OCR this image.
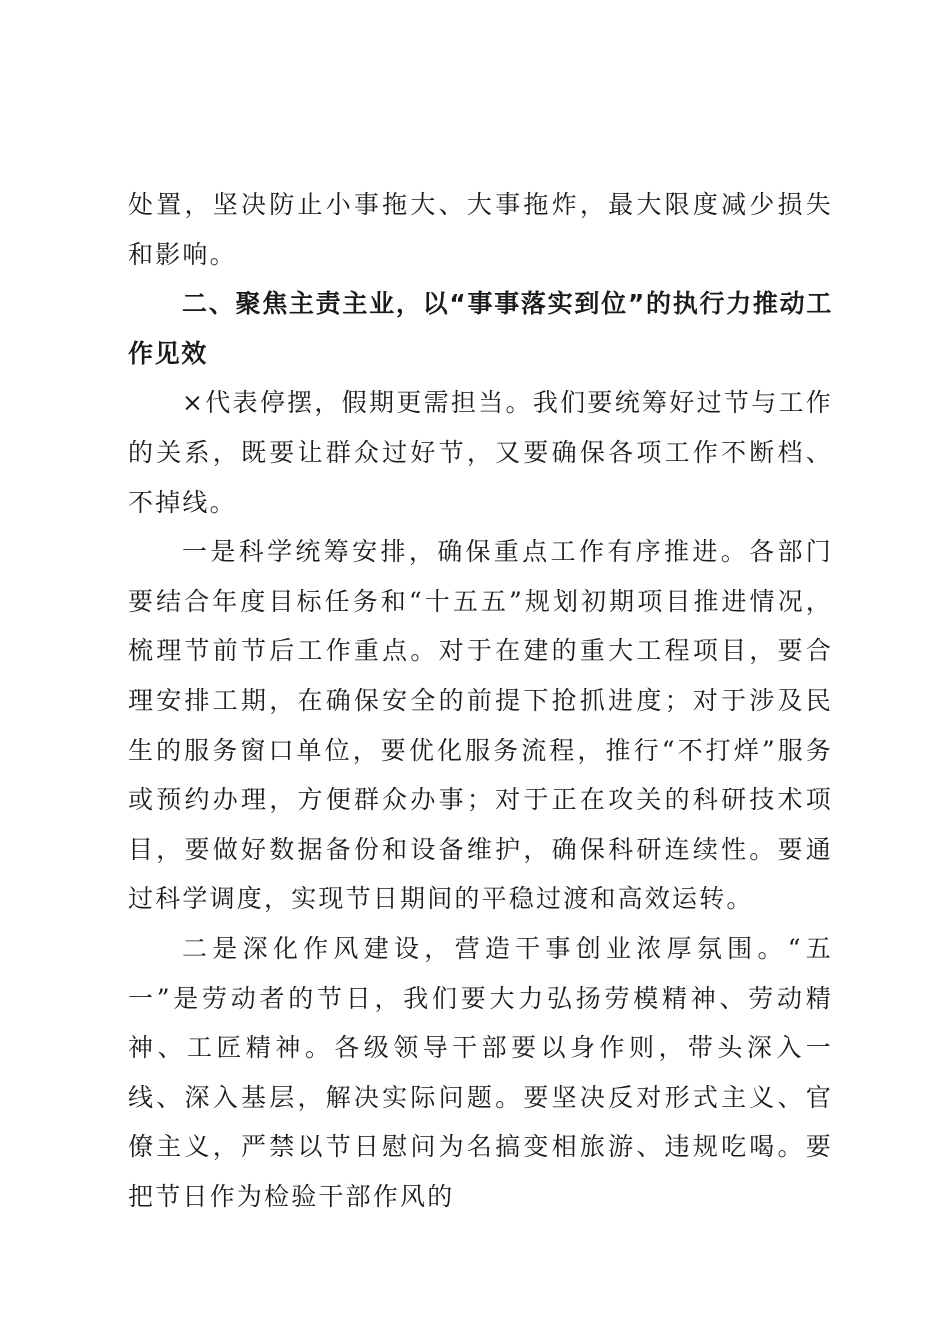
处置，坚决防止小事拖大、大事拖炸，最大限度减少损失和影响。

二、聚焦主责主业，以“事事落实到位”的执行力推动工作见效

×代表停摆，假期更需担当。我们要统筹好过节与工作的关系，既要让群众过好节，又要确保各项工作不断档、不掉线。

一是科学统筹安排，确保重点工作有序推进。各部门要结合年度目标任务和“十五五”规划初期项目推进情况，梳理节前节后工作重点。对于在建的重大工程项目，要合理安排工期，在确保安全的前提下抢抓进度；对于涉及民生的服务窗口单位，要优化服务流程，推行“不打烊”服务或预约办理，方便群众办事；对于正在攻关的科研技术项目，要做好数据备份和设备维护，确保科研连续性。要通过科学调度，实现节日期间的平稳过渡和高效运转。

二是深化作风建设，营造干事创业浓厚氛围。“五一”是劳动者的节日，我们要大力弘扬劳模精神、劳动精神、工匠精神。各级领导干部要以身作则，带头深入一线、深入基层，解决实际问题。要坚决反对形式主义、官僚主义，严禁以节日慰问为名搞变相旅游、违规吃喝。要把节日作为检验干部作风的
